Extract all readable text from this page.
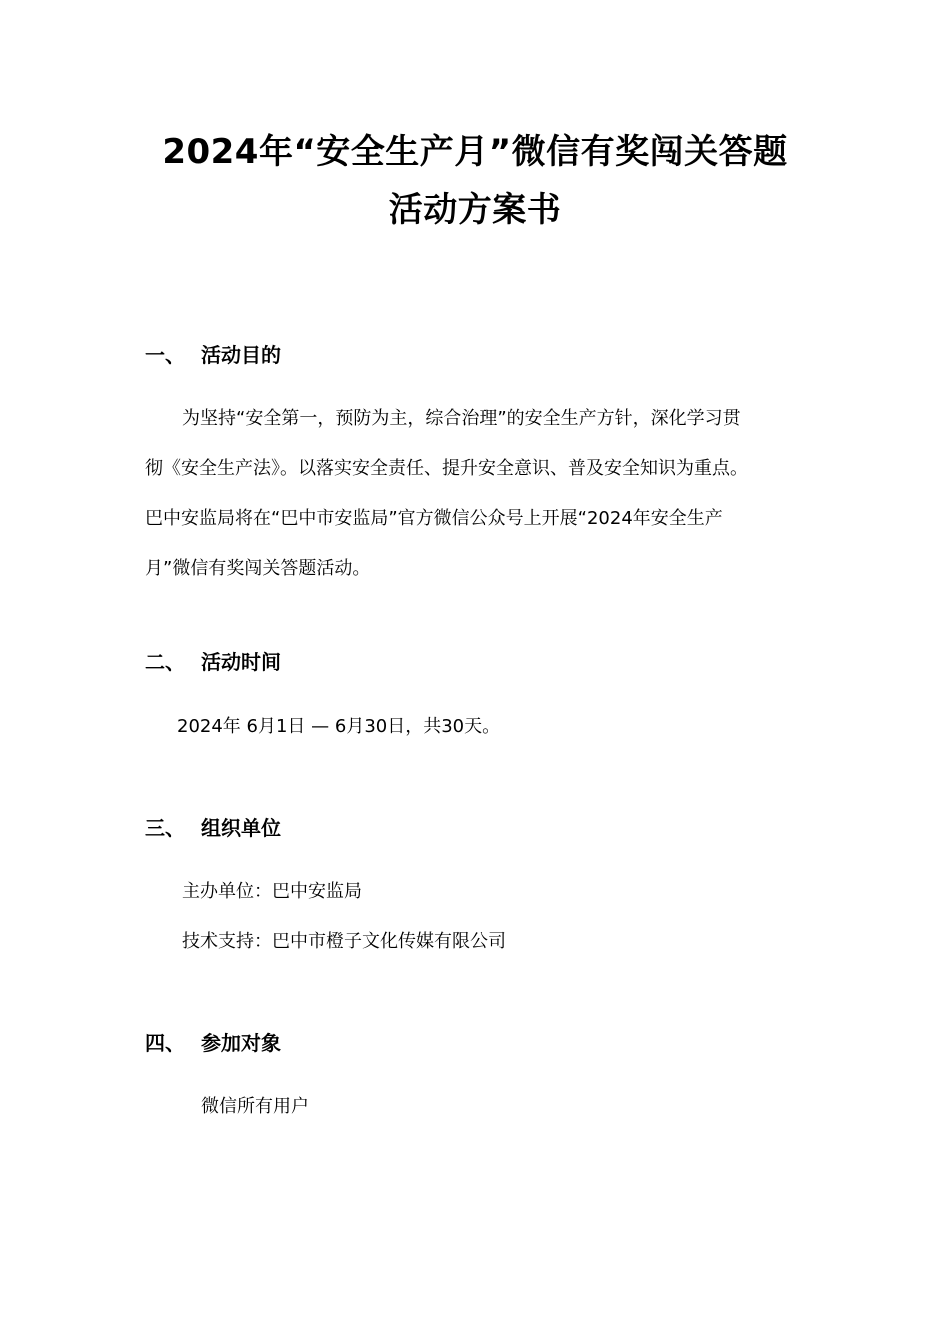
2024年“安全生产月”微信有奖闯关答题
活动方案书
一、 活动目的
为坚持“安全第一，预防为主，综合治理”的安全生产方针，深化学习贯
彻《安全生产法》。以落实安全责任、提升安全意识、普及安全知识为重点。
巴中安监局将在“巴中市安监局”官方微信公众号上开展“2024年安全生产
月”微信有奖闯关答题活动。
二、 活动时间
2024年 6月1日 — 6月30日，共30天。
三、 组织单位
主办单位：巴中安监局
技术支持：巴中市橙子文化传媒有限公司
四、 参加对象
微信所有用户
